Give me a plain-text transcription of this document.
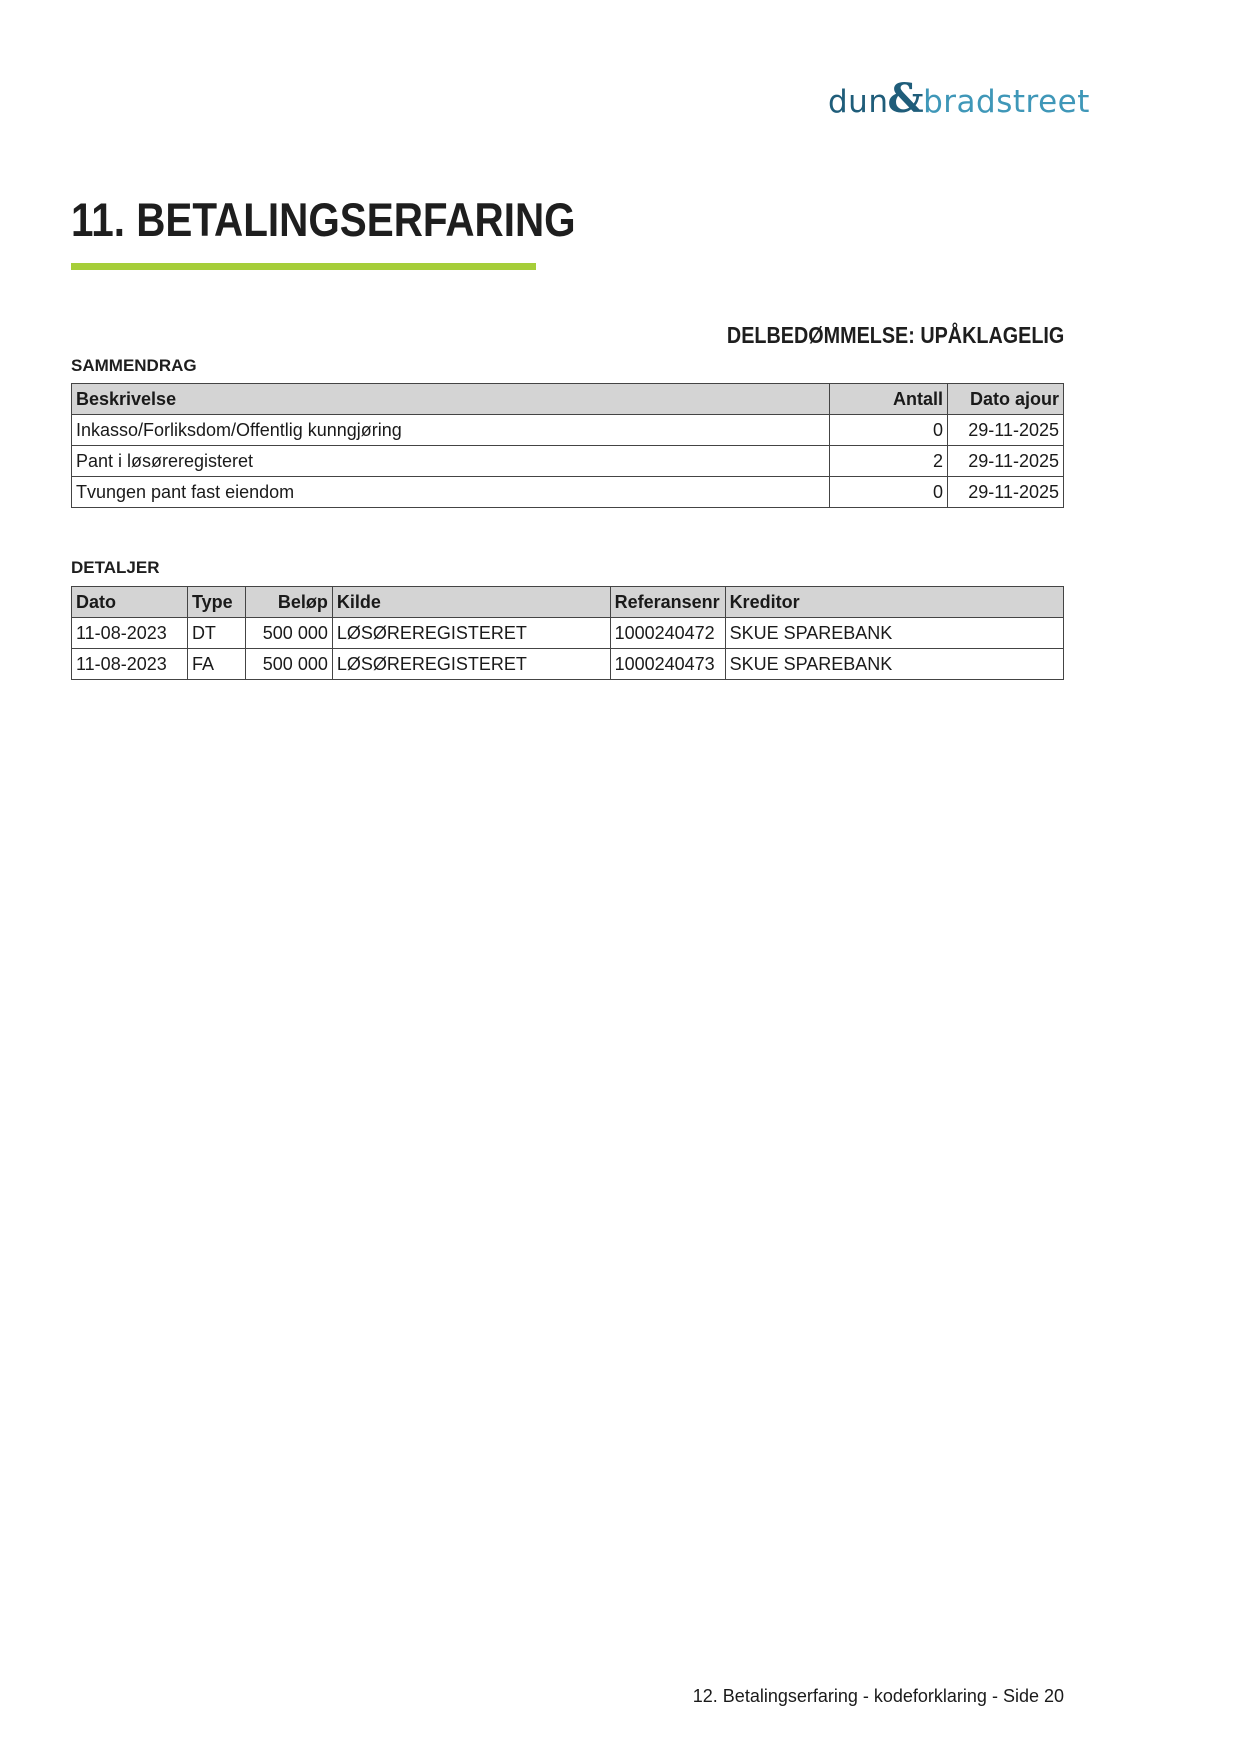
dun&bradstreet
11. BETALINGSERFARING
DELBEDØMMELSE: UPÅKLAGELIG
SAMMENDRAG
Beskrivelse	Antall	Dato ajour
Inkasso/Forliksdom/Offentlig kunngjøring	0	29-11-2025
Pant i løsøreregisteret	2	29-11-2025
Tvungen pant fast eiendom	0	29-11-2025
DETALJER
Dato	Type	Beløp	Kilde	Referansenr	Kreditor
11-08-2023	DT	500 000	LØSØREREGISTERET	1000240472	SKUE SPAREBANK
11-08-2023	FA	500 000	LØSØREREGISTERET	1000240473	SKUE SPAREBANK
12. Betalingserfaring - kodeforklaring - Side 20
